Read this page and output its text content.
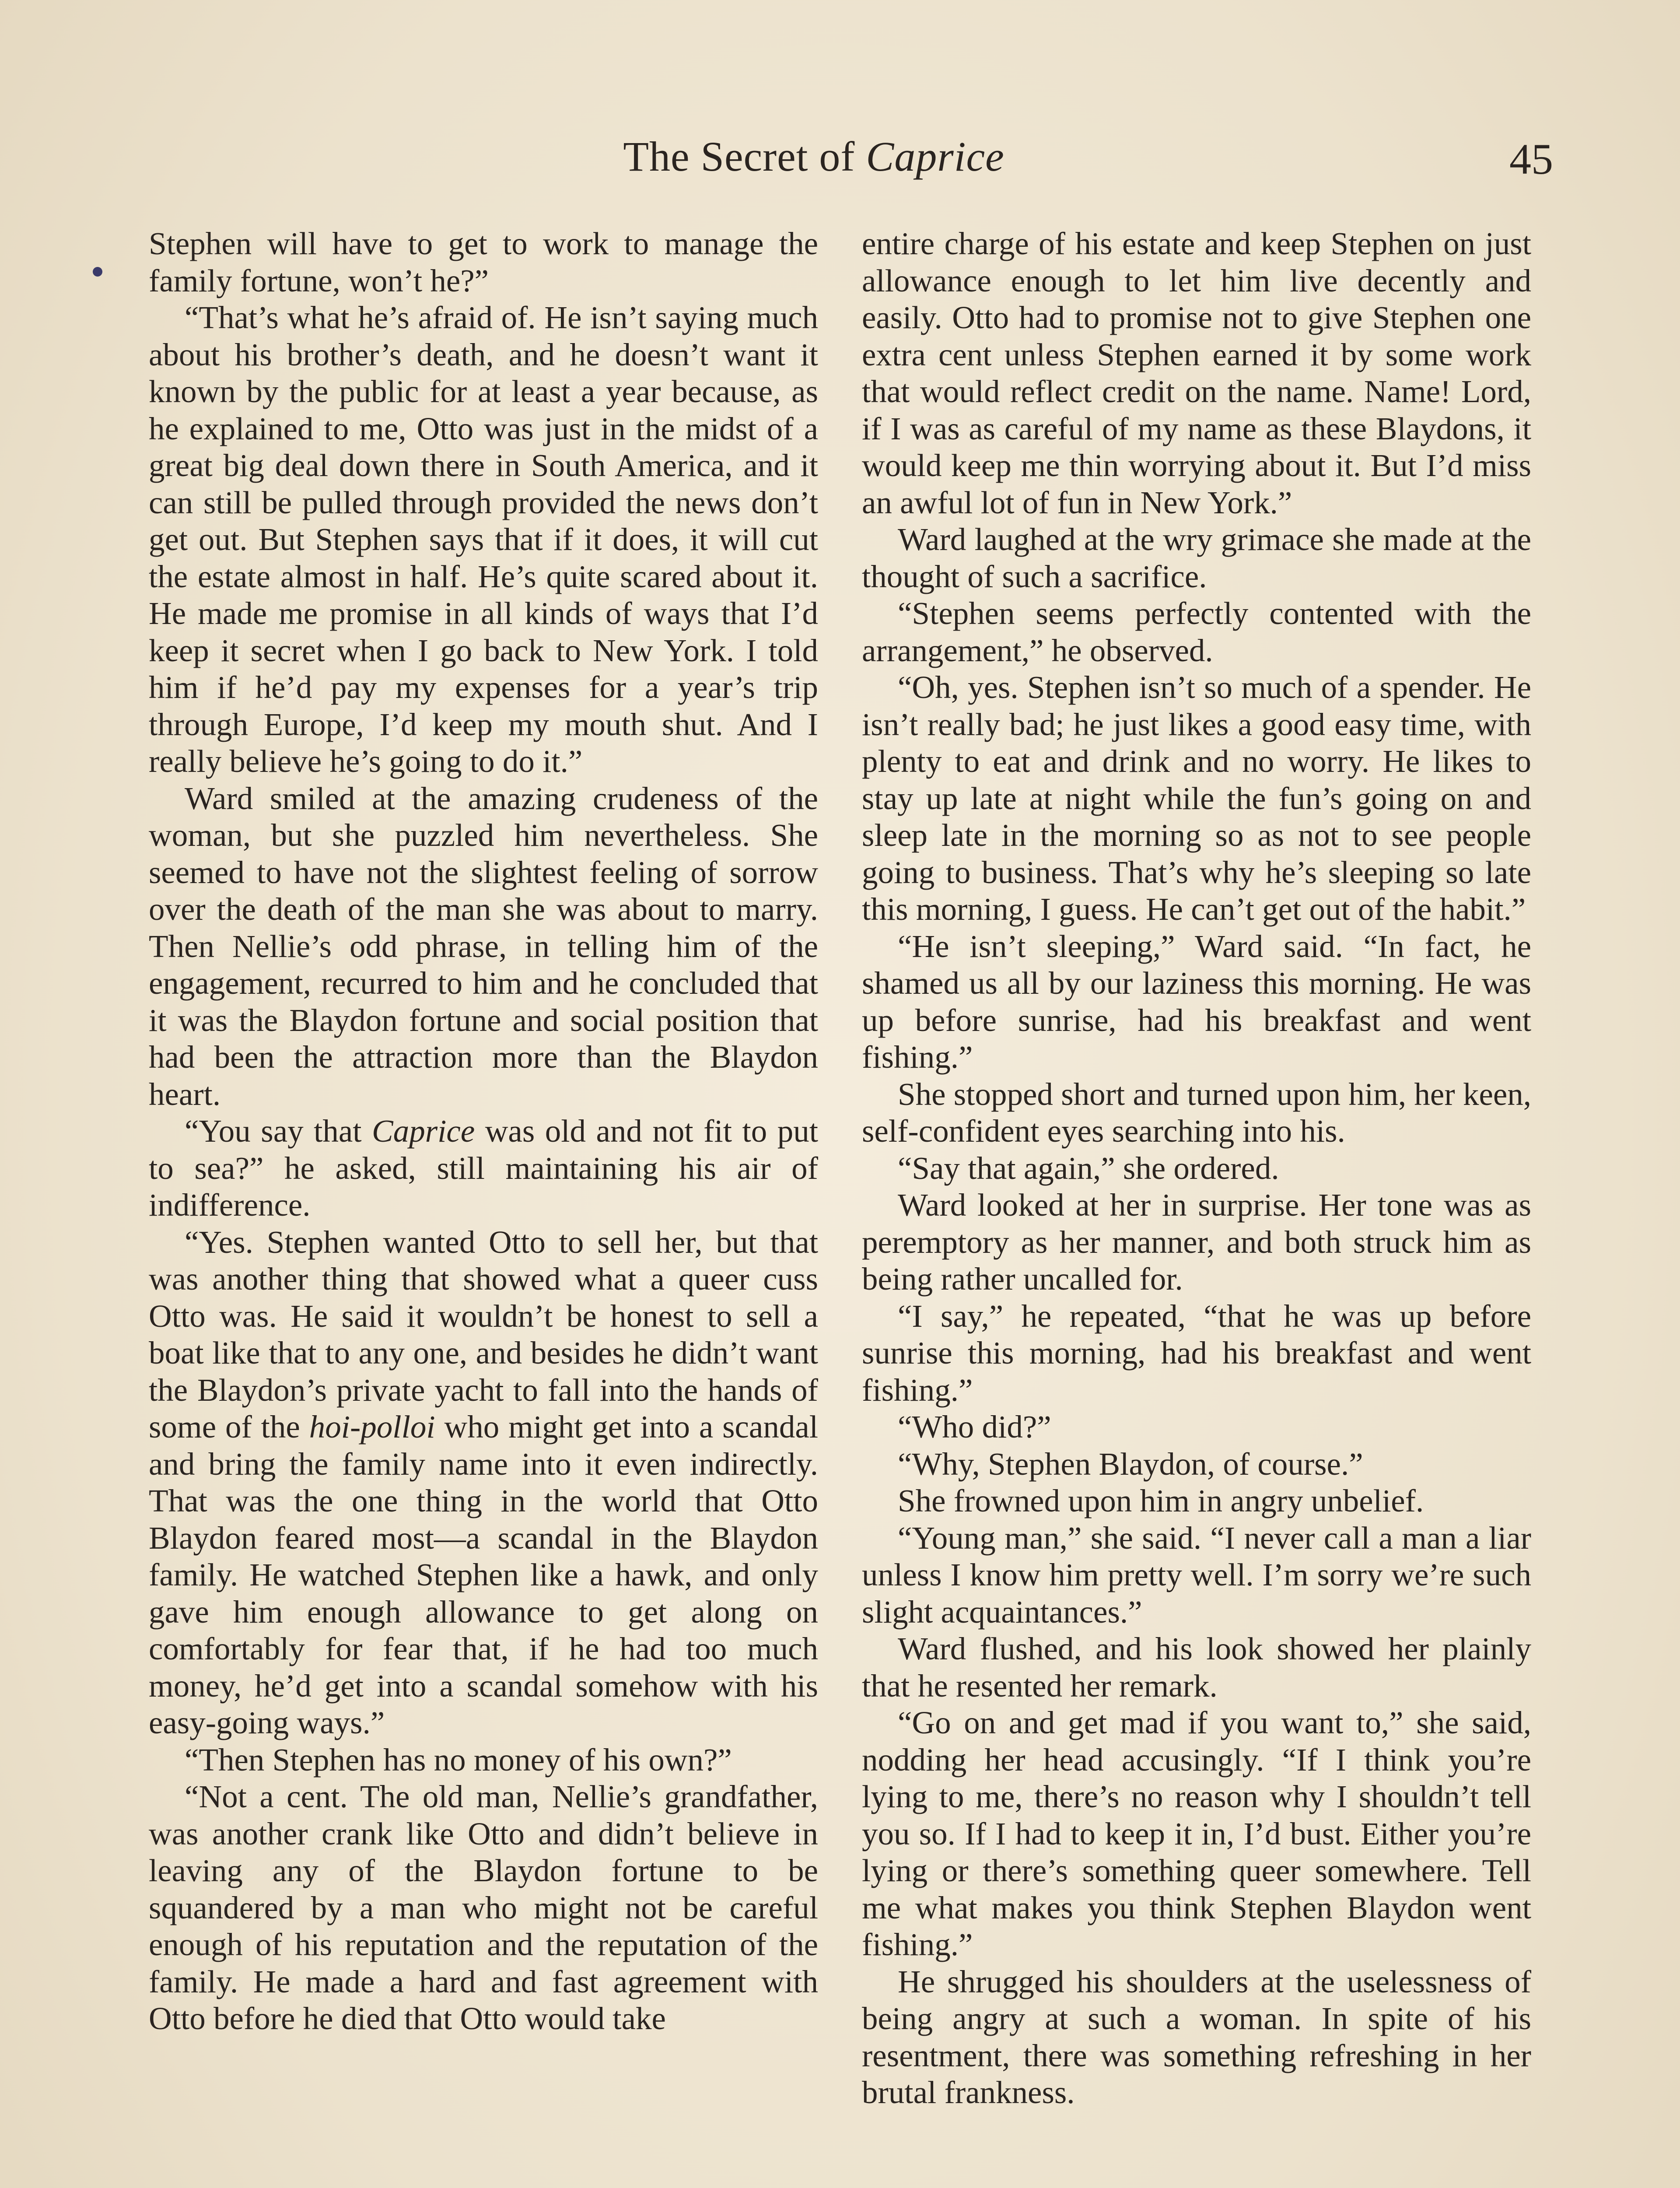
The Secret of Caprice	45

Stephen will have to get to work to manage the family fortune, won’t he?”

“That’s what he’s afraid of. He isn’t saying much about his brother’s death, and he doesn’t want it known by the public for at least a year because, as he explained to me, Otto was just in the midst of a great big deal down there in South America, and it can still be pulled through provided the news don’t get out. But Stephen says that if it does, it will cut the estate almost in half. He’s quite scared about it. He made me promise in all kinds of ways that I’d keep it secret when I go back to New York. I told him if he’d pay my expenses for a year’s trip through Europe, I’d keep my mouth shut. And I really believe he’s going to do it.”

Ward smiled at the amazing crudeness of the woman, but she puzzled him nevertheless. She seemed to have not the slightest feeling of sorrow over the death of the man she was about to marry. Then Nellie’s odd phrase, in telling him of the engagement, recurred to him and he concluded that it was the Blaydon fortune and social position that had been the attraction more than the Blaydon heart.

“You say that Caprice was old and not fit to put to sea?” he asked, still maintaining his air of indifference.

“Yes. Stephen wanted Otto to sell her, but that was another thing that showed what a queer cuss Otto was. He said it wouldn’t be honest to sell a boat like that to any one, and besides he didn’t want the Blaydon’s private yacht to fall into the hands of some of the hoi-polloi who might get into a scandal and bring the family name into it even indirectly. That was the one thing in the world that Otto Blaydon feared most—a scandal in the Blaydon family. He watched Stephen like a hawk, and only gave him enough allowance to get along on comfortably for fear that, if he had too much money, he’d get into a scandal somehow with his easy-going ways.”

“Then Stephen has no money of his own?”

“Not a cent. The old man, Nellie’s grandfather, was another crank like Otto and didn’t believe in leaving any of the Blaydon fortune to be squandered by a man who might not be careful enough of his reputation and the reputation of the family. He made a hard and fast agreement with Otto before he died that Otto would take

entire charge of his estate and keep Stephen on just allowance enough to let him live decently and easily. Otto had to promise not to give Stephen one extra cent unless Stephen earned it by some work that would reflect credit on the name. Name! Lord, if I was as careful of my name as these Blaydons, it would keep me thin worrying about it. But I’d miss an awful lot of fun in New York.”

Ward laughed at the wry grimace she made at the thought of such a sacrifice.

“Stephen seems perfectly contented with the arrangement,” he observed.

“Oh, yes. Stephen isn’t so much of a spender. He isn’t really bad; he just likes a good easy time, with plenty to eat and drink and no worry. He likes to stay up late at night while the fun’s going on and sleep late in the morning so as not to see people going to business. That’s why he’s sleeping so late this morning, I guess. He can’t get out of the habit.”

“He isn’t sleeping,” Ward said. “In fact, he shamed us all by our laziness this morning. He was up before sunrise, had his breakfast and went fishing.”

She stopped short and turned upon him, her keen, self-confident eyes searching into his.

“Say that again,” she ordered.

Ward looked at her in surprise. Her tone was as peremptory as her manner, and both struck him as being rather uncalled for.

“I say,” he repeated, “that he was up before sunrise this morning, had his breakfast and went fishing.”

“Who did?”

“Why, Stephen Blaydon, of course.”

She frowned upon him in angry unbelief.

“Young man,” she said. “I never call a man a liar unless I know him pretty well. I’m sorry we’re such slight acquaintances.”

Ward flushed, and his look showed her plainly that he resented her remark.

“Go on and get mad if you want to,” she said, nodding her head accusingly. “If I think you’re lying to me, there’s no reason why I shouldn’t tell you so. If I had to keep it in, I’d bust. Either you’re lying or there’s something queer somewhere. Tell me what makes you think Stephen Blaydon went fishing.”

He shrugged his shoulders at the uselessness of being angry at such a woman. In spite of his resentment, there was something refreshing in her brutal frankness.
